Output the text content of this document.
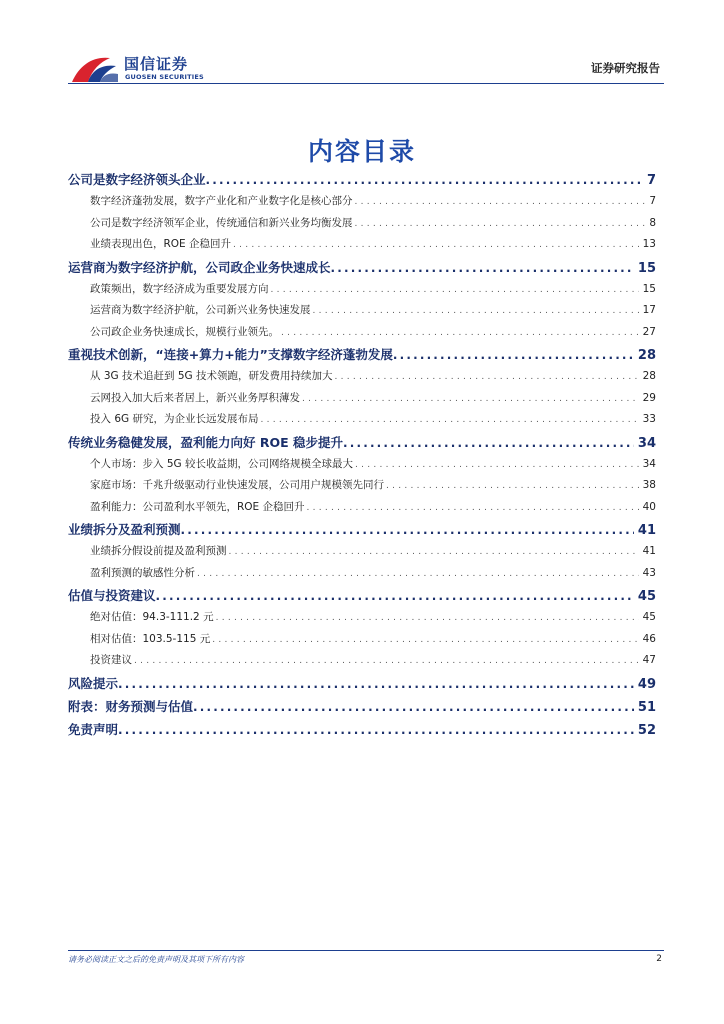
国信证券
GUOSEN SECURITIES
证券研究报告
内容目录
公司是数字经济领头企业 . . .	7
数字经济蓬勃发展，数字产业化和产业数字化是核心部分 . . .	7
公司是数字经济领军企业，传统通信和新兴业务均衡发展 . . .	8
业绩表现出色，ROE 企稳回升 . . .	13
运营商为数字经济护航，公司政企业务快速成长 . . .	15
政策频出，数字经济成为重要发展方向 . . .	15
运营商为数字经济护航，公司新兴业务快速发展 . . .	17
公司政企业务快速成长，规模行业领先。 . . .	27
重视技术创新，“连接+算力+能力”支撑数字经济蓬勃发展 . . .	28
从 3G 技术追赶到 5G 技术领跑，研发费用持续加大 . . .	28
云网投入加大后来者居上，新兴业务厚积薄发 . . .	29
投入 6G 研究，为企业长远发展布局 . . .	33
传统业务稳健发展，盈利能力向好 ROE 稳步提升 . . .	34
个人市场：步入 5G 较长收益期，公司网络规模全球最大 . . .	34
家庭市场：千兆升级驱动行业快速发展，公司用户规模领先同行 . . .	38
盈利能力：公司盈利水平领先，ROE 企稳回升 . . .	40
业绩拆分及盈利预测 . . .	41
业绩拆分假设前提及盈利预测 . . .	41
盈利预测的敏感性分析 . . .	43
估值与投资建议 . . .	45
绝对估值：94.3-111.2 元 . . .	45
相对估值：103.5-115 元 . . .	46
投资建议 . . .	47
风险提示 . . .	49
附表：财务预测与估值 . . .	51
免责声明 . . .	52
请务必阅读正文之后的免责声明及其项下所有内容	2
